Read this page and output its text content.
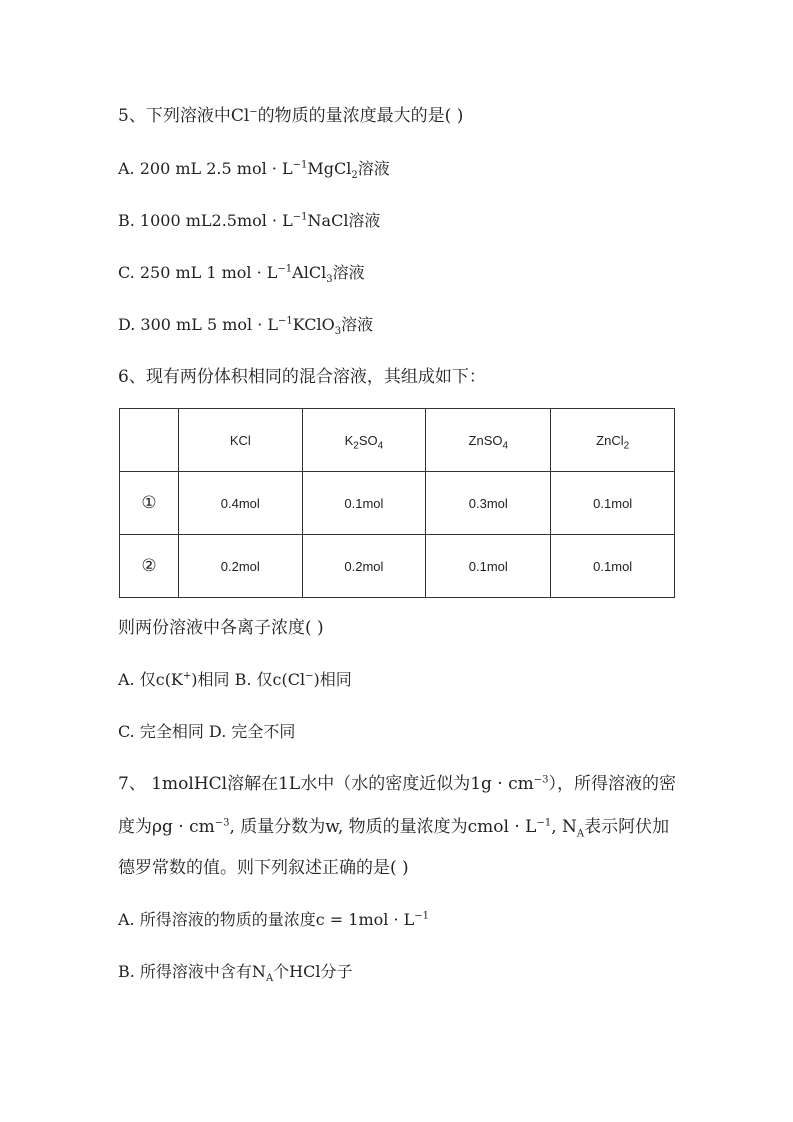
5、下列溶液中Cl−的物质的量浓度最大的是( )
A. 200 mL 2.5 mol · $L^{-1}MgCl_2$溶液
B. 1000 $mL2.5mol \cdot L^{-1}NaCl$溶液
C. 250 mL 1 mol · $L^{-1}AlCl_3$溶液
D. 300 mL 5 mol · $L^{-1}KClO_3$溶液
6、现有两份体积相同的混合溶液，其组成如下：
	KCl	$K_2SO_4$	ZnSO$_4$	ZnCl$_2$
①	0.4mol	0.1mol	0.3mol	0.1mol
②	0.2mol	0.2mol	0.1mol	0.1mol
则两份溶液中各离子浓度( )
A. 仅c(K+)相同 B. 仅c(Cl−)相同
C. 完全相同 D. 完全不同
7、 1molHCl溶解在1L水中（水的密度近似为$1g \cdot cm^{-3}$），所得溶液的密
度为$\rho g \cdot cm^{-3}$, 质量分数为w, 物质的量浓度为cmol · $L^{-1}$, $N_A$表示阿伏加
德罗常数的值。则下列叙述正确的是( )
A. 所得溶液的物质的量浓度$c = 1mol \cdot L^{-1}$
B. 所得溶液中含有$N_A$个HCl分子
